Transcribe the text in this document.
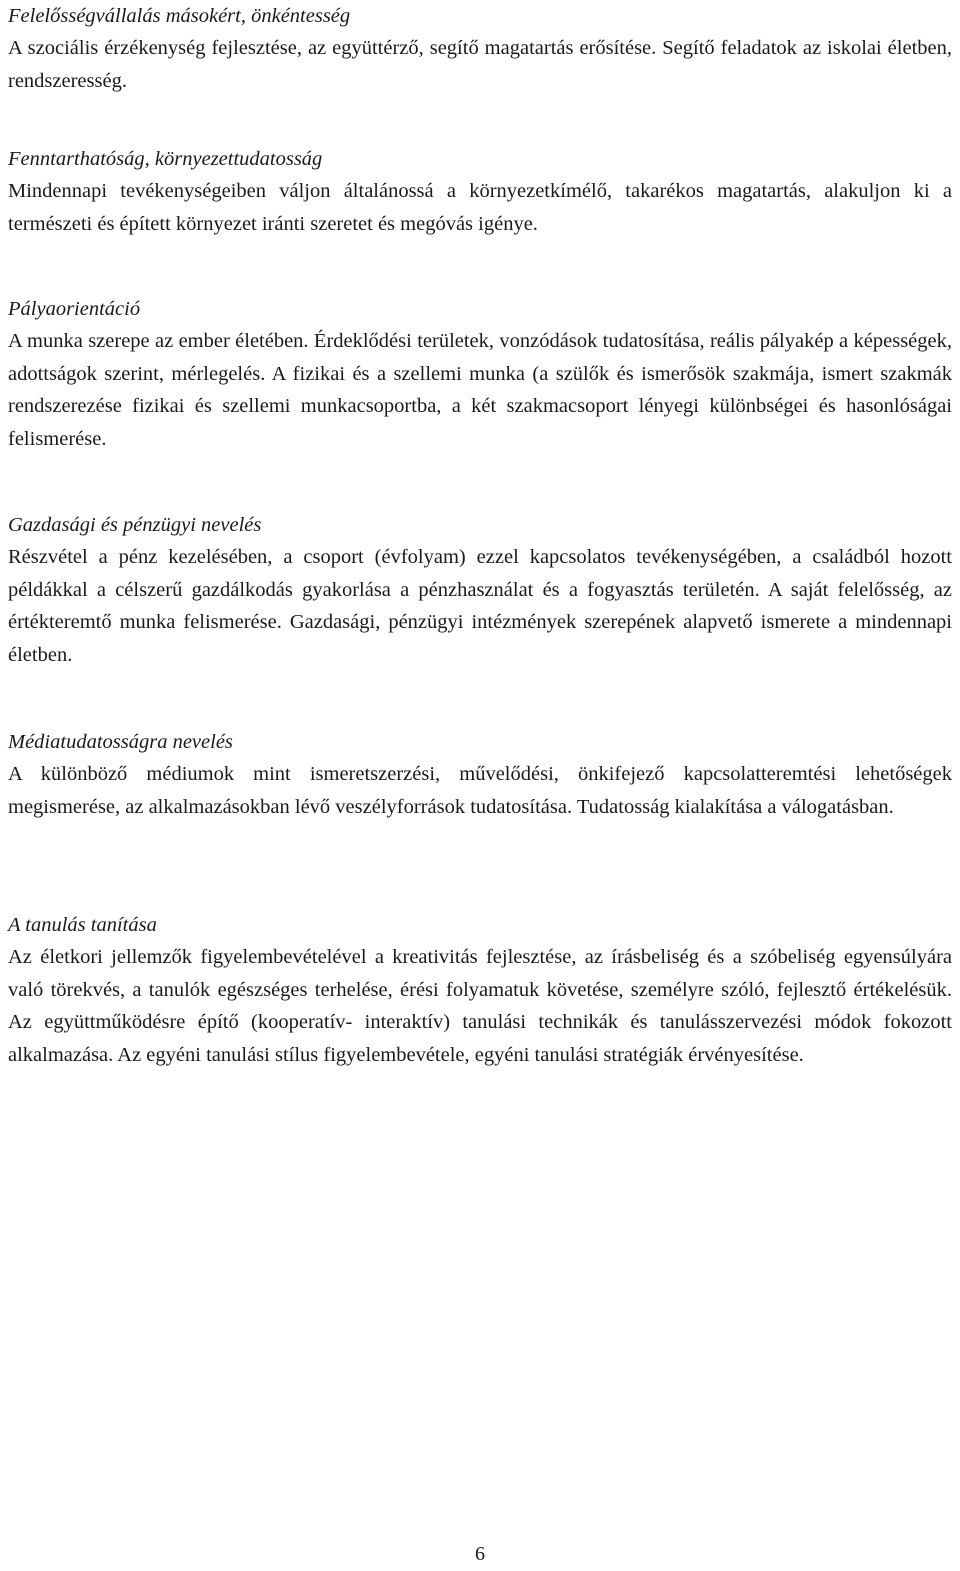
Felelősségvállalás másokért, önkéntesség

A szociális érzékenység fejlesztése, az együttérző, segítő magatartás erősítése. Segítő feladatok az iskolai életben, rendszeresség.

Fenntarthatóság, környezettudatosság

Mindennapi tevékenységeiben váljon általánossá a környezetkímélő, takarékos magatartás, alakuljon ki a természeti és épített környezet iránti szeretet és megóvás igénye.

Pályaorientáció

A munka szerepe az ember életében. Érdeklődési területek, vonzódások tudatosítása, reális pályakép a képességek, adottságok szerint, mérlegelés. A fizikai és a szellemi munka (a szülők és ismerősök szakmája, ismert szakmák rendszerezése fizikai és szellemi munkacsoportba, a két szakmacsoport lényegi különbségei és hasonlóságai felismerése.

Gazdasági és pénzügyi nevelés

Részvétel a pénz kezelésében, a csoport (évfolyam) ezzel kapcsolatos tevékenységében, a családból hozott példákkal a célszerű gazdálkodás gyakorlása a pénzhasználat és a fogyasztás területén. A saját felelősség, az értékteremtő munka felismerése. Gazdasági, pénzügyi intézmények szerepének alapvető ismerete a mindennapi életben.

Médiatudatosságra nevelés

A különböző médiumok mint ismeretszerzési, művelődési, önkifejező kapcsolatteremtési lehetőségek megismerése, az alkalmazásokban lévő veszélyforrások tudatosítása. Tudatosság kialakítása a válogatásban.

A tanulás tanítása

Az életkori jellemzők figyelembevételével a kreativitás fejlesztése, az írásbeliség és a szóbeliség egyensúlyára való törekvés, a tanulók egészséges terhelése, érési folyamatuk követése, személyre szóló, fejlesztő értékelésük. Az együttműködésre építő (kooperatív- interaktív) tanulási technikák és tanulásszervezési módok fokozott alkalmazása. Az egyéni tanulási stílus figyelembevétele, egyéni tanulási stratégiák érvényesítése.

6
